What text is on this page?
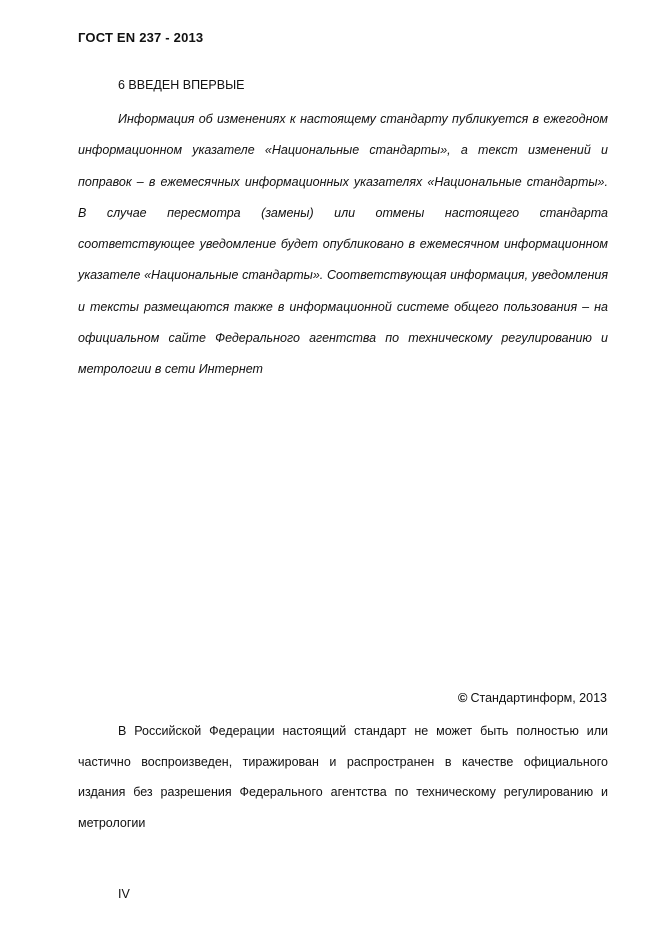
ГОСТ EN 237 - 2013
6 ВВЕДЕН ВПЕРВЫЕ

Информация об изменениях к настоящему стандарту публикуется в ежегодном информационном указателе «Национальные стандарты», а текст изменений и поправок – в ежемесячных информационных указателях «Национальные стандарты». В случае пересмотра (замены) или отмены настоящего стандарта соответствующее уведомление будет опубликовано в ежемесячном информационном указателе «Национальные стандарты». Соответствующая информация, уведомления и тексты размещаются также в информационной системе общего пользования – на официальном сайте Федерального агентства по техническому регулированию и метрологии в сети Интернет

© Стандартинформ, 2013

В Российской Федерации настоящий стандарт не может быть полностью или частично воспроизведен, тиражирован и распространен в качестве официального издания без разрешения Федерального агентства по техническому регулированию и метрологии

IV
